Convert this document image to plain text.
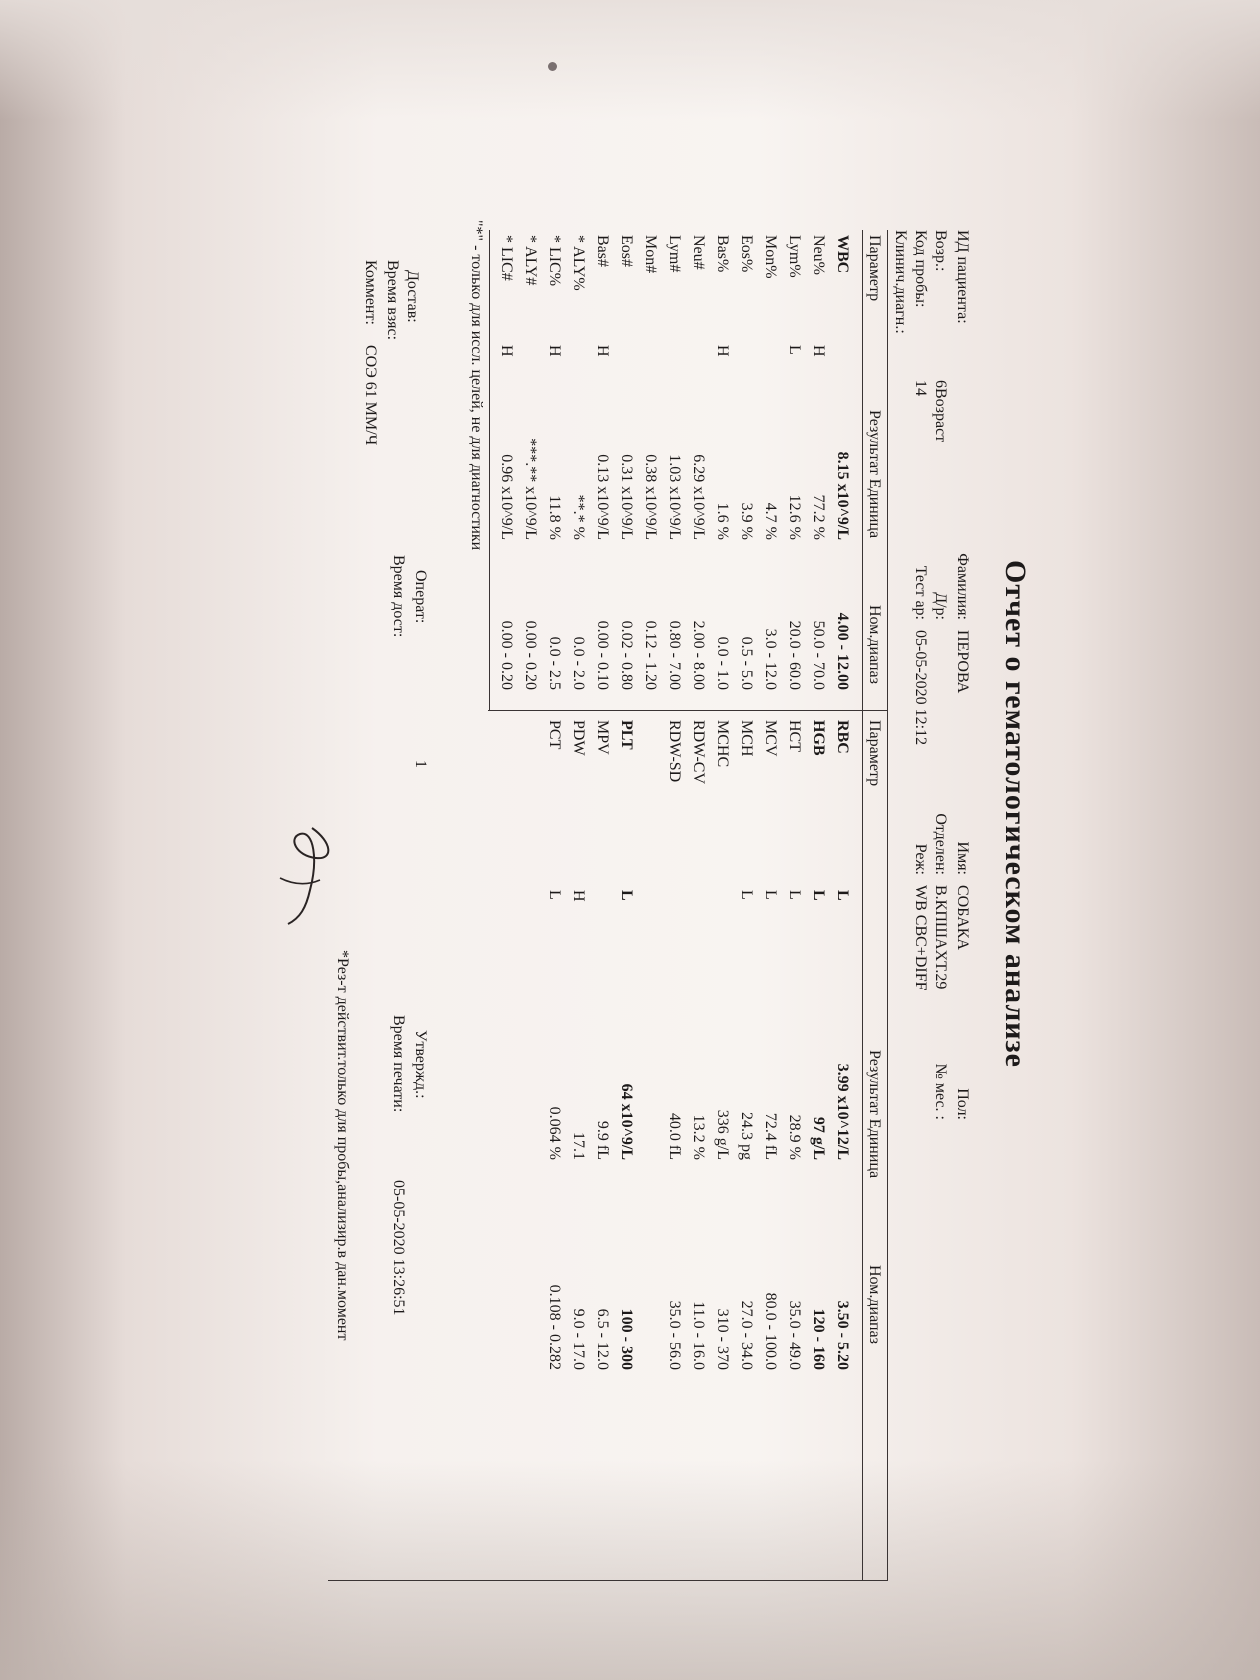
Отчет о гематологическом анализе
ИД пациента:
Возр.:
6Возраст
Код пробы:
14
Клинич.диагн.:
Фамилия:
ПЕРОВА
Д/р:
Тест ар:
05-05-2020 12:12
Имя:
СОБАКА
Отделен:
В.КПШАХТ.29
Реж:
WB CBC+DIFF
Пол:
№ мес. :
Параметр
Результат Единица
Ном.диапаз
Параметр
Результат Единица
Ном.диапаз
WBC
8.15 x10^9/L
4.00 - 12.00
Neu%
H
77.2 %
50.0 - 70.0
Lym%
L
12.6 %
20.0 - 60.0
Mon%
4.7 %
3.0 - 12.0
Eos%
3.9 %
0.5 - 5.0
Bas%
H
1.6 %
0.0 - 1.0
Neu#
6.29 x10^9/L
2.00 - 8.00
Lym#
1.03 x10^9/L
0.80 - 7.00
Mon#
0.38 x10^9/L
0.12 - 1.20
Eos#
0.31 x10^9/L
0.02 - 0.80
Bas#
H
0.13 x10^9/L
0.00 - 0.10
* ALY%
**.* %
0.0 - 2.0
* LIC%
H
11.8 %
0.0 - 2.5
* ALY#
***.** x10^9/L
0.00 - 0.20
* LIC#
H
0.96 x10^9/L
0.00 - 0.20
RBC
L
3.99 x10^12/L
3.50 - 5.20
HGB
L
97 g/L
120 - 160
HCT
L
28.9 %
35.0 - 49.0
MCV
L
72.4 fL
80.0 - 100.0
MCH
L
24.3 pg
27.0 - 34.0
MCHC
336 g/L
310 - 370
RDW-CV
13.2 %
11.0 - 16.0
RDW-SD
40.0 fL
35.0 - 56.0
PLT
L
64 x10^9/L
100 - 300
MPV
9.9 fL
6.5 - 12.0
PDW
H
17.1
9.0 - 17.0
PCT
L
0.064 %
0.108 - 0.282
"*" - только для иссл. целей, не для диагностики
Достав:
Время взяс:
Коммент:
СОЭ 61 ММ/Ч
Операт:
1
Время дост:
Утвержд.:
Время печати:
05-05-2020 13:26:51
*Рез-т действит.только для пробы,анализир.в дан.момент
